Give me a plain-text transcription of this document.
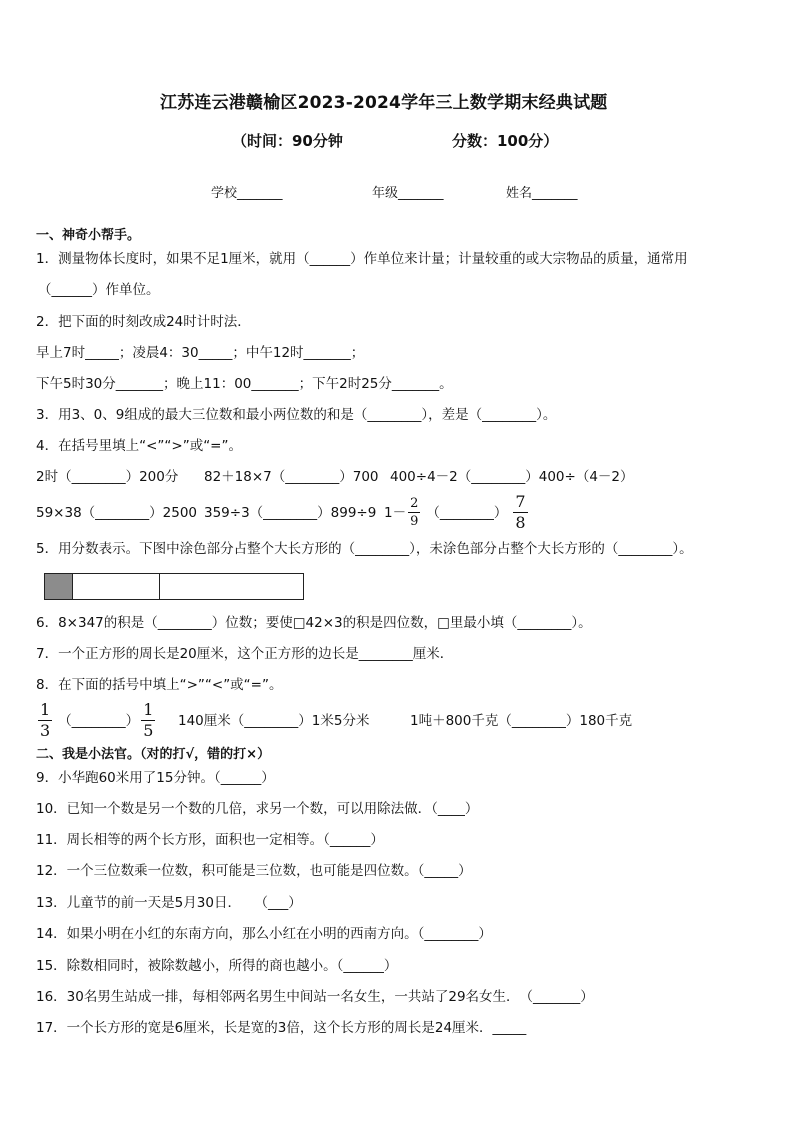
江苏连云港赣榆区2023-2024学年三上数学期末经典试题
（时间：90分钟	分数：100分）
学校_______	年级_______	姓名_______
一、神奇小帮手。
1．测量物体长度时，如果不足1厘米，就用（______）作单位来计量；计量较重的或大宗物品的质量，通常用
（______）作单位。
2．把下面的时刻改成24时计时法．
早上7时_____；凌晨4：30_____；中午12时_______；
下午5时30分_______；晚上11：00_______；下午2时25分_______。
3．用3、0、9组成的最大三位数和最小两位数的和是（________），差是（________）。
4．在括号里填上“<”“>”或“=”。
2时（________）200分 82＋18×7（________）700 400÷4－2（________）400÷（4－2）
59×38（________）2500 359÷3（________）899÷9 $1- \frac{2}{9}$ （________） $\frac{7}{8}$
5．用分数表示。下图中涂色部分占整个大长方形的（________），未涂色部分占整个大长方形的（________）。
6．8×347的积是（________）位数；要使□42×3的积是四位数，□里最小填（________）。
7．一个正方形的周长是20厘米，这个正方形的边长是________厘米．
8．在下面的括号中填上“>”“<”或“=”。
$\frac{1}{3}$ （________） $\frac{1}{5} 140$厘米（________）1米5分米	1吨＋800千克（________）180千克
二、我是小法官。（对的打√，错的打×）
9．小华跑60米用了15分钟。（______）
10．已知一个数是另一个数的几倍，求另一个数，可以用除法做．（____）
11．周长相等的两个长方形，面积也一定相等。（______）
12．一个三位数乘一位数，积可能是三位数，也可能是四位数。（_____）
13．儿童节的前一天是5月30日．　　（___）
14．如果小明在小红的东南方向，那么小红在小明的西南方向。（________）
15．除数相同时，被除数越小，所得的商也越小。（______）
16．30名男生站成一排，每相邻两名男生中间站一名女生，一共站了29名女生．　（_______）
17．一个长方形的宽是6厘米，长是宽的3倍，这个长方形的周长是24厘米．_____
